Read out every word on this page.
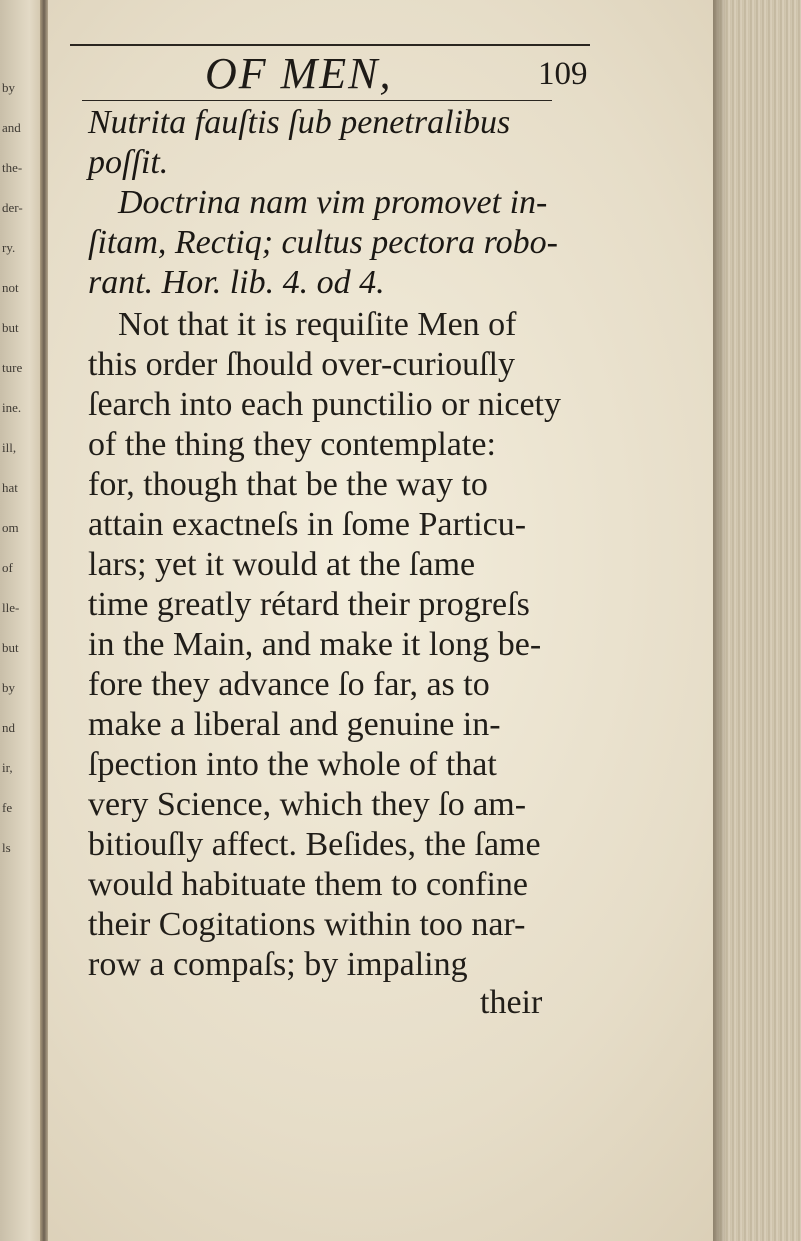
by
and
the-
der-
ry.
not
but
ture
ine.
ill,
hat
om
of
lle-
but
by
nd
ir,
fe
ls
OF MEN,	109
Nutrita fauſtis ſub penetralibus
poſſit.
Doctrina nam vim promovet in-
ſitam, Rectiq; cultus pectora robo-
rant. Hor. lib. 4. od 4.
Not that it is requiſite Men of
this order ſhould over-curiouſly
ſearch into each punctilio or nicety
of the thing they contemplate:
for, though that be the way to
attain exactneſs in ſome Particu-
lars; yet it would at the ſame
time greatly rétard their progreſs
in the Main, and make it long be-
fore they advance ſo far, as to
make a liberal and genuine in-
ſpection into the whole of that
very Science, which they ſo am-
bitiouſly affect. Beſides, the ſame
would habituate them to confine
their Cogitations within too nar-
row a compaſs; by impaling
their
